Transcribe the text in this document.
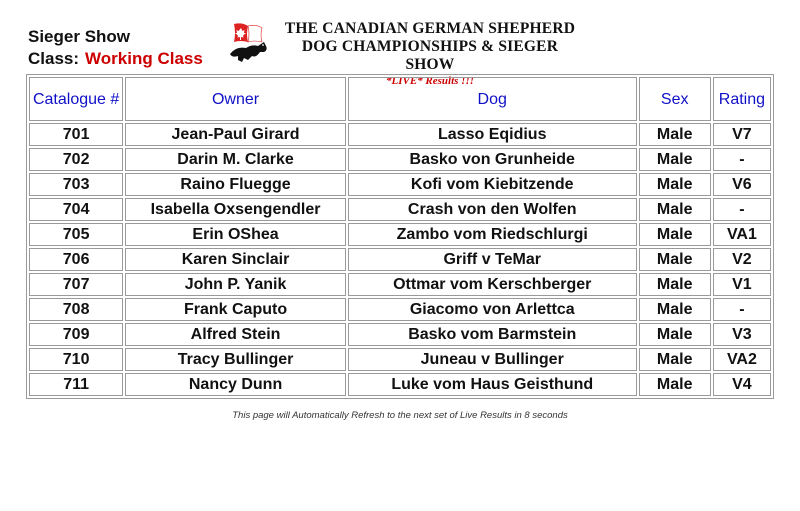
Sieger Show
Class: Working Class
THE CANADIAN GERMAN SHEPHERD
DOG CHAMPIONSHIPS & SIEGER SHOW
*LIVE* Results !!!
Catalogue #	Owner	Dog	Sex	Rating
701	Jean-Paul Girard	Lasso Eqidius	Male	V7
702	Darin M. Clarke	Basko von Grunheide	Male	-
703	Raino Fluegge	Kofi vom Kiebitzende	Male	V6
704	Isabella Oxsengendler	Crash von den Wolfen	Male	-
705	Erin OShea	Zambo vom Riedschlurgi	Male	VA1
706	Karen Sinclair	Griff v TeMar	Male	V2
707	John P. Yanik	Ottmar vom Kerschberger	Male	V1
708	Frank Caputo	Giacomo von Arlettca	Male	-
709	Alfred Stein	Basko vom Barmstein	Male	V3
710	Tracy Bullinger	Juneau v Bullinger	Male	VA2
711	Nancy Dunn	Luke vom Haus Geisthund	Male	V4
This page will Automatically Refresh to the next set of Live Results in 8 seconds
